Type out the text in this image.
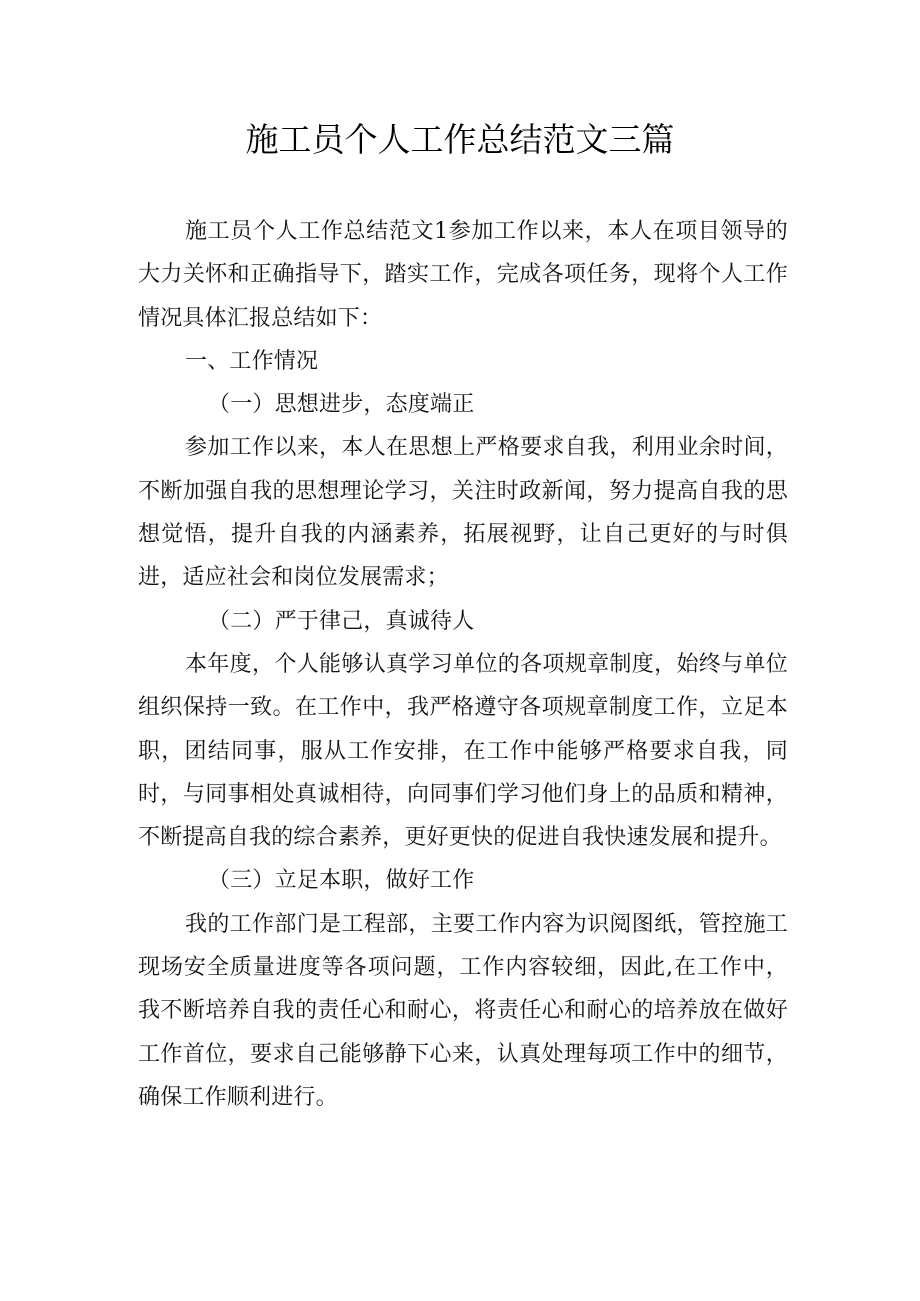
施工员个人工作总结范文三篇

施工员个人工作总结范文1参加工作以来，本人在项目领导的大力关怀和正确指导下，踏实工作，完成各项任务，现将个人工作情况具体汇报总结如下：

一、工作情况

（一）思想进步，态度端正

参加工作以来，本人在思想上严格要求自我，利用业余时间，不断加强自我的思想理论学习，关注时政新闻，努力提高自我的思想觉悟，提升自我的内涵素养，拓展视野，让自己更好的与时俱进，适应社会和岗位发展需求；

（二）严于律己，真诚待人

本年度，个人能够认真学习单位的各项规章制度，始终与单位组织保持一致。在工作中，我严格遵守各项规章制度工作，立足本职，团结同事，服从工作安排，在工作中能够严格要求自我，同时，与同事相处真诚相待，向同事们学习他们身上的品质和精神，不断提高自我的综合素养，更好更快的促进自我快速发展和提升。

（三）立足本职，做好工作

我的工作部门是工程部，主要工作内容为识阅图纸，管控施工现场安全质量进度等各项问题，工作内容较细，因此,在工作中，我不断培养自我的责任心和耐心，将责任心和耐心的培养放在做好工作首位，要求自己能够静下心来，认真处理每项工作中的细节，确保工作顺利进行。
